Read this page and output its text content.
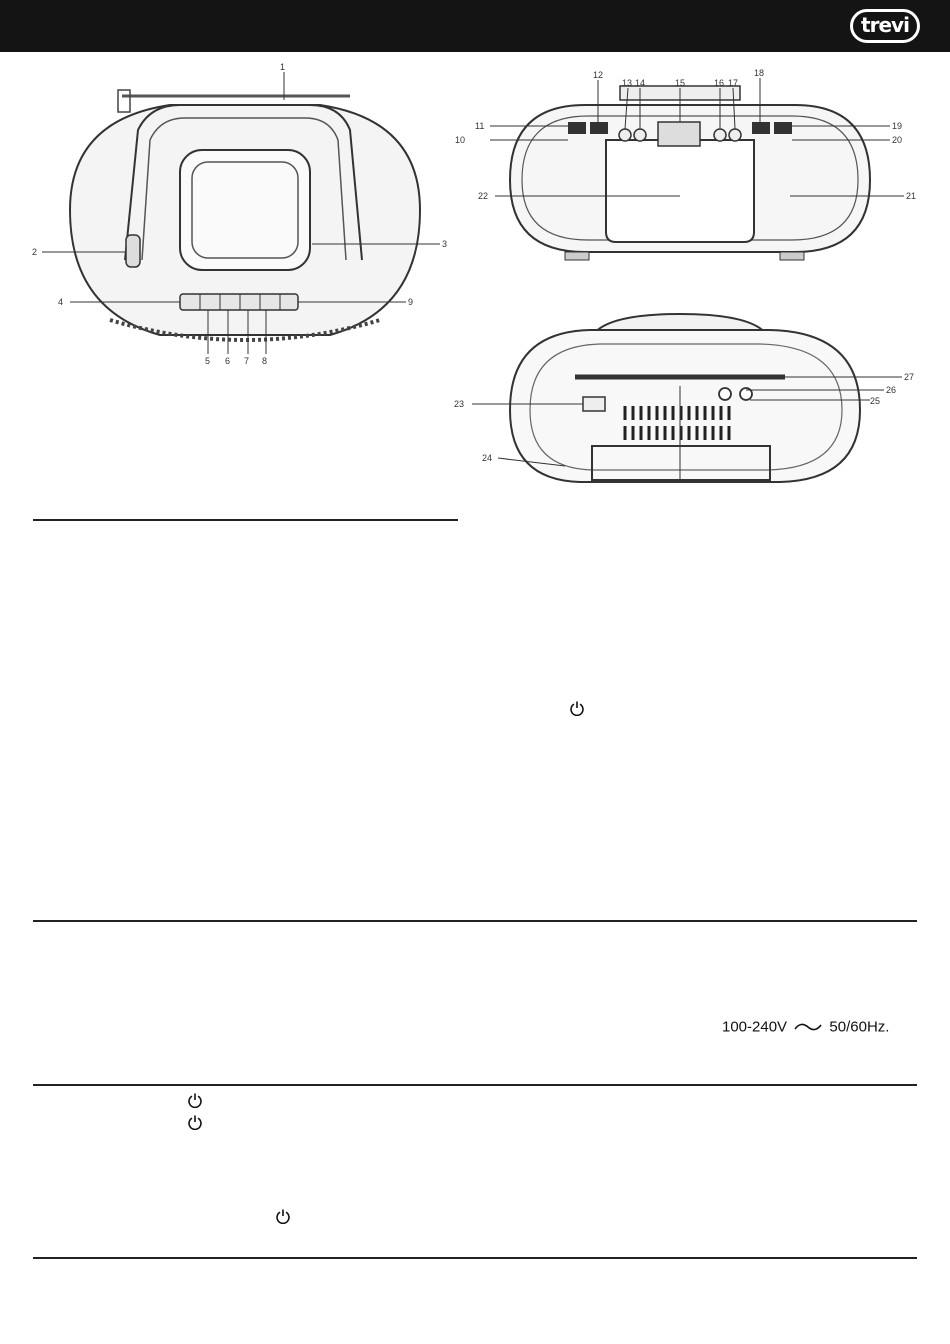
trevi
1
2
3
4
5 6 7 8
9
10
11
12
13 14	15	16 17
18
19
20
21
22
23
24
25
26
27
100-240V	50/60Hz.
